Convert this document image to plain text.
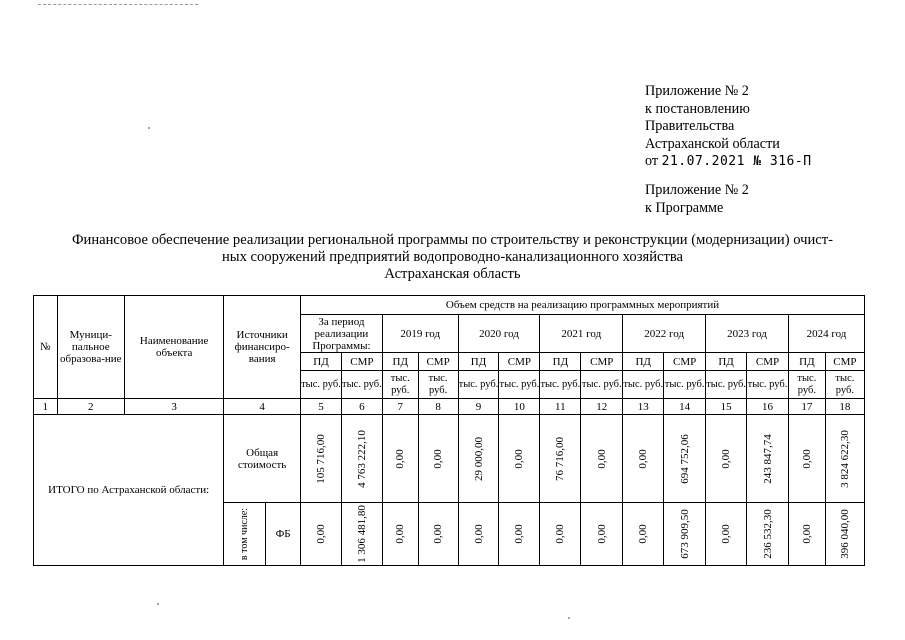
Приложение № 2
к постановлению
Правительства
Астраханской области
от 21.07.2021 № 316-П
Приложение № 2
к Программе
Финансовое обеспечение реализации региональной программы по строительству и реконструкции (модернизации) очист-
ных сооружений предприятий водопроводно-канализационного хозяйства
Астраханская область
№	Муници-пальное образова-ние	Наименование объекта	Источники финансиро-вания		Объем средств на реализацию программных мероприятий													
					За период реализации Программы:		2019 год		2020 год		2021 год		2022 год		2023 год		2024 год	
					ПД	СМР	ПД	СМР	ПД	СМР	ПД	СМР	ПД	СМР	ПД	СМР	ПД	СМР
					тыс. руб.	тыс. руб.	тыс. руб.	тыс. руб.	тыс. руб.	тыс. руб.	тыс. руб.	тыс. руб.	тыс. руб.	тыс. руб.	тыс. руб.	тыс. руб.	тыс. руб.	тыс. руб.
1	2	3	4		5	6	7	8	9	10	11	12	13	14	15	16	17	18
ИТОГО по Астраханской области:			Общая стоимость		105 716,00	4 763 222,10	0,00	0,00	29 000,00	0,00	76 716,00	0,00	0,00	694 752,06	0,00	243 847,74	0,00	3 824 622,30

			в том числе:	ФБ	0,00	1 306 481,80	0,00	0,00	0,00	0,00	0,00	0,00	0,00	673 909,50	0,00	236 532,30	0,00	396 040,00
